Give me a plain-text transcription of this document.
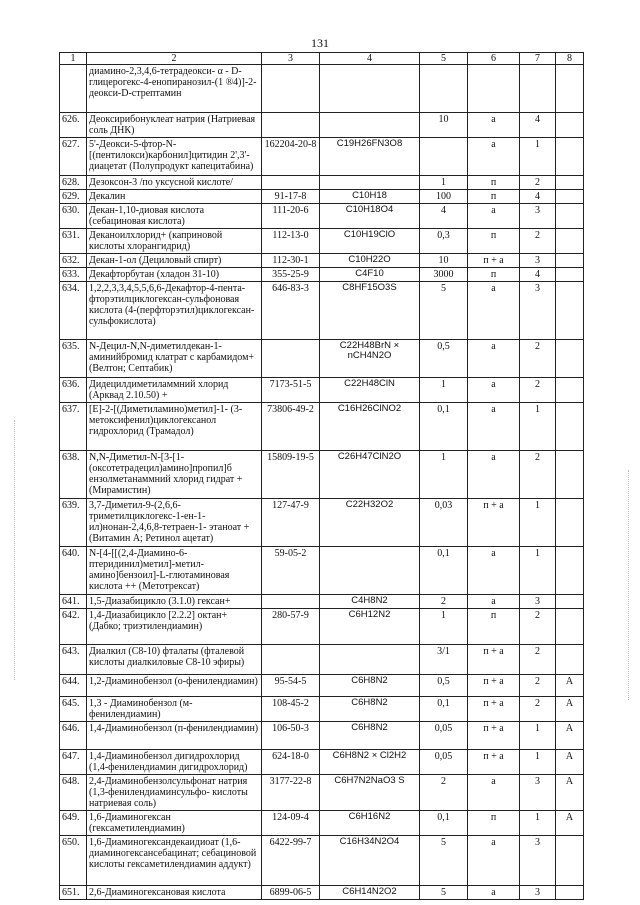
131
1	2	3	4	5	6	7	8
	диамино-2,3,4,6-тетрадеокси- α - D-глицерогекс-4-енопиранозил-(1 ®4)]-2-деокси-D-стрептамин						
626.	Деоксирибонуклеат натрия (Натриевая соль ДНК)			10	а	4	
627.	5'-Деокси-5-фтор-N-[(пентилокси)карбонил]цитидин 2',3'-диацетат (Полупродукт капецитабина)	162204-20-8	C19H26FN3O8		а	1	
628.	Дезоксон-3 /по уксусной кислоте/			1	п	2	
629.	Декалин	91-17-8	C10H18	100	п	4	
630.	Декан-1,10-диовая кислота (себациновая кислота)	111-20-6	C10H18O4	4	а	3	
631.	Деканоилхлорид+ (каприновой кислоты хлорангидрид)	112-13-0	C10H19ClO	0,3	п	2	
632.	Декан-1-ол (Дециловый спирт)	112-30-1	C10H22O	10	п + а	3	
633.	Декафторбутан (хладон 31-10)	355-25-9	C4F10	3000	п	4	
634.	1,2,2,3,3,4,5,5,6,6-Декафтор-4-пента-фторэтилциклогексан-сульфоновая кислота (4-(перфторэтил)циклогексан-сульфокислота)	646-83-3	C8HF15O3S	5	а	3	
635.	N-Децил-N,N-диметилдекан-1-аминийбромид клатрат с карбамидом+ (Велтон; Септабик)		C22H48BrN × nCH4N2O	0,5	а	2	
636.	Дидецилдиметиламмний хлорид (Арквад 2.10.50) +	7173-51-5	C22H48ClN	1	а	2	
637.	[E]-2-[(Диметиламино)метил]-1- (3-метоксифенил)циклогексанол гидрохлорид (Трамадол)	73806-49-2	C16H26ClNO2	0,1	а	1	
638.	N,N-Диметил-N-[3-[1-(оксотетрадецил)амино]пропил]б ензолметанаммний хлорид гидрат + (Мирамистин)	15809-19-5	C26H47ClN2O	1	а	2	
639.	3,7-Диметил-9-(2,6,6-триметилциклогекс-1-ен-1- ил)нонан-2,4,6,8-тетраен-1- этаноат + (Витамин А; Ретинол ацетат)	127-47-9	C22H32O2	0,03	п + а	1	
640.	N-[4-[[(2,4-Диамино-6-птеридинил)метил]-метил-амино]бензоил]-L-глютаминовая кислота ++ (Метотрексат)	59-05-2		0,1	а	1	
641.	1,5-Диазабицикло (3.1.0) гексан+		C4H8N2	2	а	3	
642.	1,4-Диазабицикло [2.2.2] октан+ (Дабко; триэтилендиамин)	280-57-9	C6H12N2	1	п	2	
643.	Диалкил (C8-10) фталаты (фталевой кислоты диалкиловые C8-10 эфиры)			3/1	п + а	2	
644.	1,2-Диаминобензол (о-фенилендиамин)	95-54-5	C6H8N2	0,5	п + а	2	А
645.	1,3 - Диаминобензол (м-фенилендиамин)	108-45-2	C6H8N2	0,1	п + а	2	А
646.	1,4-Диаминобензол (п-фенилендиамин)	106-50-3	C6H8N2	0,05	п + а	1	А
647.	1,4-Диаминобензол дигидрохлорид (1,4-фенилендиамин дигидрохлорид)	624-18-0	C6H8N2 × Cl2H2	0,05	п + а	1	А
648.	2,4-Диаминобензолсульфонат натрия (1,3-фенилендиаминсульфо- кислоты натриевая соль)	3177-22-8	C6H7N2NaO3 S	2	а	3	А
649.	1,6-Диаминогексан (гексаметилендиамин)	124-09-4	C6H16N2	0,1	п	1	А
650.	1,6-Диаминогександекаидиоат (1,6-диаминогексансебацинат; себациновой кислоты гексаметилендиамин аддукт)	6422-99-7	C16H34N2O4	5	а	3	
651.	2,6-Диаминогексановая кислота	6899-06-5	C6H14N2O2	5	а	3	
